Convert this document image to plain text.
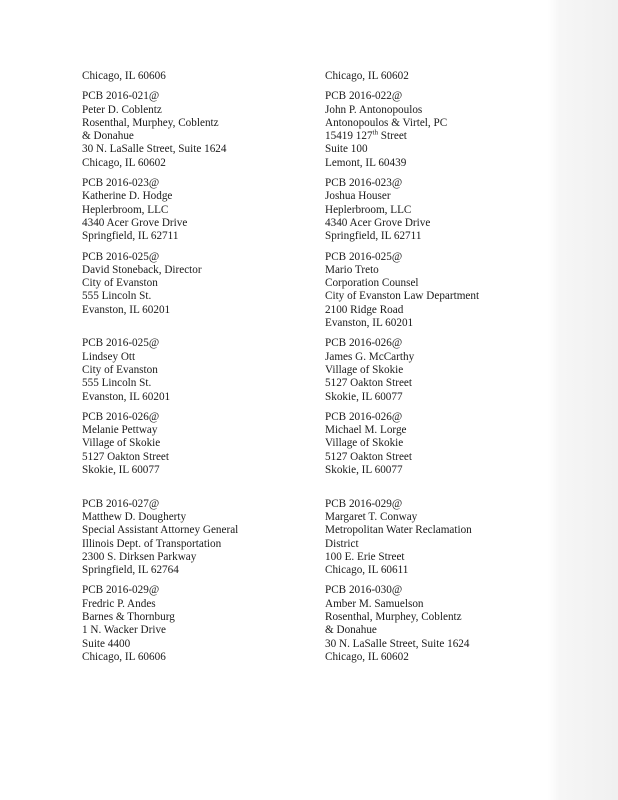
Chicago, IL 60606
PCB 2016-021@
Peter D. Coblentz
Rosenthal, Murphey, Coblentz
& Donahue
30 N. LaSalle Street, Suite 1624
Chicago, IL 60602
PCB 2016-023@
Katherine D. Hodge
Heplerbroom, LLC
4340 Acer Grove Drive
Springfield, IL 62711
PCB 2016-025@
David Stoneback, Director
City of Evanston
555 Lincoln St.
Evanston, IL 60201

PCB 2016-025@
Lindsey Ott
City of Evanston
555 Lincoln St.
Evanston, IL 60201
PCB 2016-026@
Melanie Pettway
Village of Skokie
5127 Oakton Street
Skokie, IL 60077

PCB 2016-027@
Matthew D. Dougherty
Special Assistant Attorney General
Illinois Dept. of Transportation
2300 S. Dirksen Parkway
Springfield, IL 62764
PCB 2016-029@
Fredric P. Andes
Barnes & Thornburg
1 N. Wacker Drive
Suite 4400
Chicago, IL 60606
Chicago, IL 60602
PCB 2016-022@
John P. Antonopoulos
Antonopoulos & Virtel, PC
15419 127th Street
Suite 100
Lemont, IL 60439
PCB 2016-023@
Joshua Houser
Heplerbroom, LLC
4340 Acer Grove Drive
Springfield, IL 62711
PCB 2016-025@
Mario Treto
Corporation Counsel
City of Evanston Law Department
2100 Ridge Road
Evanston, IL 60201
PCB 2016-026@
James G. McCarthy
Village of Skokie
5127 Oakton Street
Skokie, IL 60077
PCB 2016-026@
Michael M. Lorge
Village of Skokie
5127 Oakton Street
Skokie, IL 60077

PCB 2016-029@
Margaret T. Conway
Metropolitan Water Reclamation
District
100 E. Erie Street
Chicago, IL 60611
PCB 2016-030@
Amber M. Samuelson
Rosenthal, Murphey, Coblentz
& Donahue
30 N. LaSalle Street, Suite 1624
Chicago, IL 60602
